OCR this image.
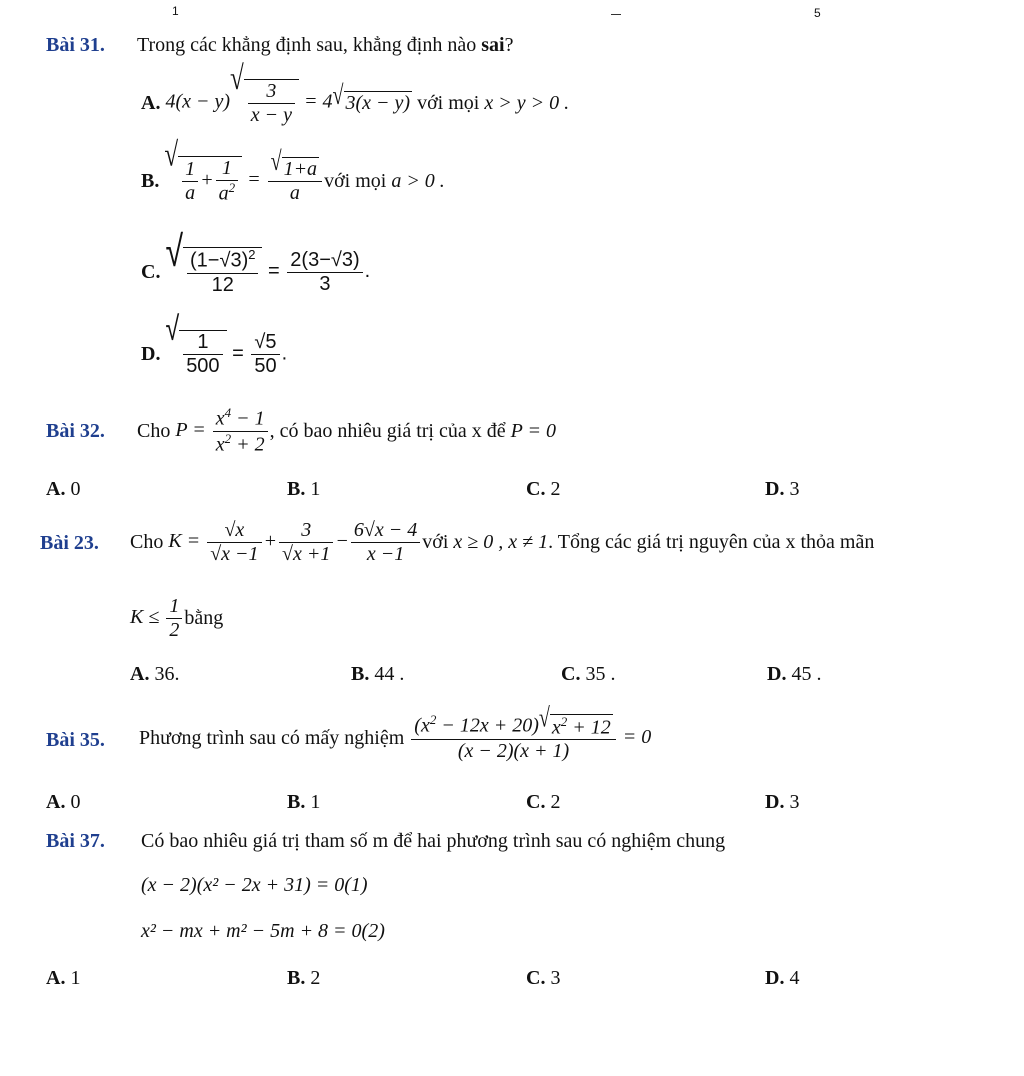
1	5
Bài 31. Trong các khẳng định sau, khẳng định nào sai?
A.
4(x − y)
√
$\frac{3}{x - y} = 4$ √ 3(x − y)
với mọi
x > y > 0 .
B.

√
$\frac{1}{a} + \frac{1}{a^2} = \frac{√ 1+a}{a}$ với mọi
a > 0 .
C.
√ $\frac{(1-√3)^2}{12} = \frac{2(3-√3)}{3}$ .
D.

√
$\frac{1}{500} = \frac{√5}{50}$ .
Bài 32. Cho
$P = \frac{x^4 - 1}{x^2 + 2}$ , có bao nhiêu giá trị của x để
P = 0
A. 0	B. 1	C. 2	D. 3
Bài 23. Cho
$K = \frac{√x}{√x -1} + \frac{3}{√x +1} - \frac{6√x - 4}{x -1}$ với
x ≥ 0 , x ≠ 1 . Tổng các giá trị nguyên của x thỏa mãn
$K \le \frac{1}{2}$ bằng
A. 36.	B. 44 .	C. 35 .	D. 45 .
Bài 35. Phương trình sau có mấy nghiệm
$\frac{(x^2 - 12x + 20) √ x^2 + 12}{(x - 2)(x + 1)} = 0$
A. 0	B. 1	C. 2	D. 3
Bài 37. Có bao nhiêu giá trị tham số m để hai phương trình sau có nghiệm chung
(x − 2)(x² − 2x + 31) = 0(1)
x² − mx + m² − 5m + 8 = 0(2)
A. 1	B. 2	C. 3	D. 4
